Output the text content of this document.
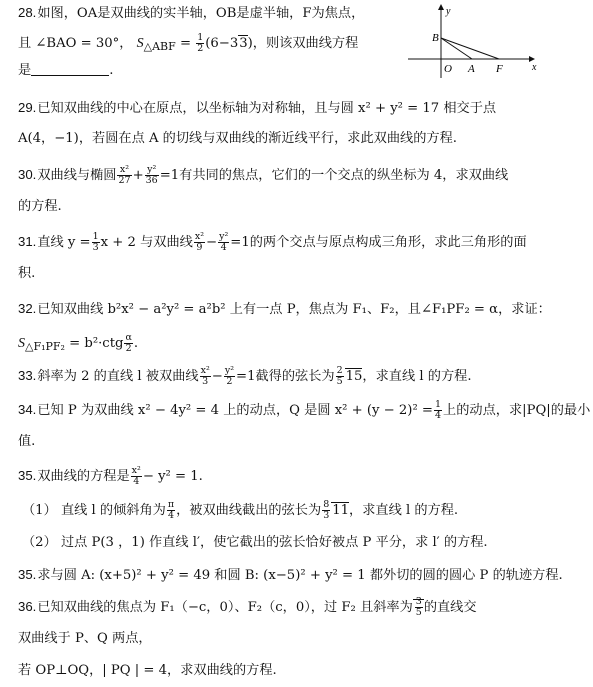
y
x
B
O A F
28.如图，OA是双曲线的实半轴，OB是虚半轴，F为焦点，
且 ∠BAO = 30°， $S_{\triangle ABF} = \frac{1}{2} (6-33)$，则该双曲线方程
是	.
29.已知双曲线的中心在原点，以坐标轴为对称轴，且与圆 x² + y² = 17 相交于点
A(4，−1)，若圆在点 A 的切线与双曲线的渐近线平行，求此双曲线的方程.
30.双曲线与椭圆 $\frac{\text{x²}}{27} + \frac{\text{y²}}{36} =1$有共同的焦点，它们的一个交点的纵坐标为 4，求双曲线
的方程.
31.直线 $y = \frac{1}{3}$ x + 2 与双曲线 $\frac{\text{x²}}{9} - \frac{\text{y²}}{4} =1$的两个交点与原点构成三角形，求此三角形的面
积.
32.已知双曲线 b²x² − a²y² = a²b² 上有一点 P，焦点为 F₁、F₂，且∠F₁PF₂ = α，求证：
$S_{\triangle F_1PF_2} = b^2\cdot ctg \frac{\alpha}{2}$ .
33.斜率为 2 的直线 l 被双曲线 $\frac{\text{x²}}{3} - \frac{\text{y²}}{2} =1$截得的弦长为 $\frac{2}{5} 15$，求直线 l 的方程.
34.已知 P 为双曲线 x² − 4y² = 4 上的动点，Q 是圆 $x^2 + (y - 2)^2 = \frac{1}{4}$ 上的动点，求|PQ|的最小
值.
35.双曲线的方程是 $\frac{\text{x²}}{4} - y^2 = 1$.
（1） 直线 l 的倾斜角为 $\frac{\pi}{4}$ ，被双曲线截出的弦长为 $\frac{8}{3} 11$，求直线 l 的方程.
（2） 过点 P(3 ，1) 作直线 l′，使它截出的弦长恰好被点 P 平分，求 l′ 的方程.
35.求与圆 A: (x+5)² + y² = 49 和圆 B: (x−5)² + y² = 1 都外切的圆的圆心 P 的轨迹方程.
36.已知双曲线的焦点为 F₁（−c，0）、F₂（c，0），过 F₂ 且斜率为 $\frac{3}{5}$ 的直线交
双曲线于 P、Q 两点，
若 OP⊥OQ，| PQ | = 4，求双曲线的方程.
